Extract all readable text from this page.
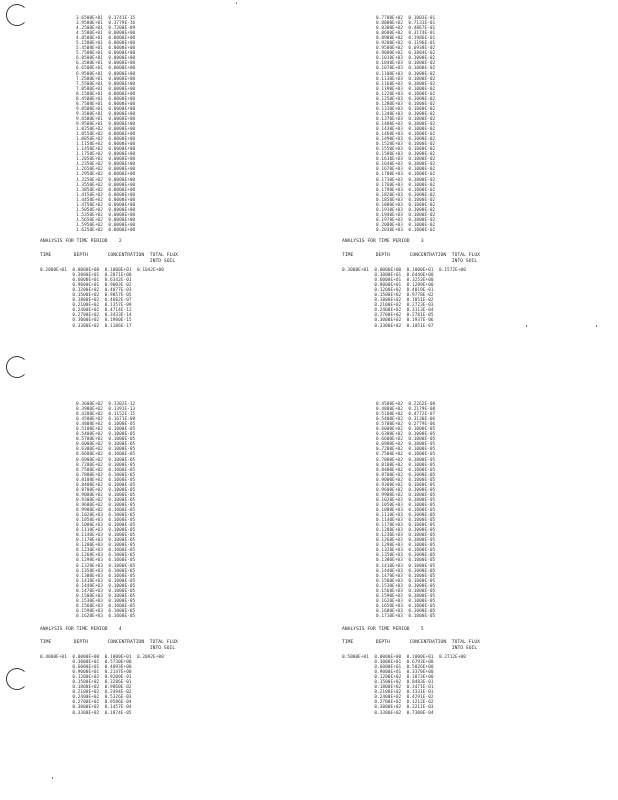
3.6500E+01  0.1741E-15
3.9500E+01  0.3779E-16
4.2500E+01  0.7200E-09
4.5500E+01  0.0000E+00
4.8500E+01  0.0000E+00
5.1500E+01  0.0000E+00
5.4500E+01  0.0000E+00
5.7500E+01  0.0000E+00
6.0500E+01  0.0000E+00
6.3500E+01  0.0000E+00
6.6500E+01  0.0000E+00
6.9500E+01  0.0000E+00
7.2500E+01  0.0000E+00
7.5500E+01  0.0000E+00
7.8500E+01  0.0000E+00
8.1500E+01  0.0000E+00
8.4500E+01  0.0000E+00
8.7500E+01  0.0000E+00
9.0500E+01  0.0000E+00
9.3500E+01  0.0000E+00
9.6500E+01  0.0000E+00
9.9500E+01  0.0000E+00
1.0250E+02  0.0000E+00
1.0550E+02  0.0000E+00
1.0850E+02  0.0000E+00
1.1150E+02  0.0000E+00
1.1450E+02  0.0000E+00
1.1750E+02  0.0000E+00
1.2050E+02  0.0000E+00
1.2350E+02  0.0000E+00
1.2650E+02  0.0000E+00
1.2950E+02  0.0000E+00
1.3250E+02  0.0000E+00
1.3550E+02  0.0000E+00
1.3850E+02  0.0000E+00
1.4150E+02  0.0000E+00
1.4450E+02  0.0000E+00
1.4750E+02  0.0000E+00
1.5050E+02  0.0000E+00
1.5350E+02  0.0000E+00
1.5650E+02  0.0000E+00
1.5950E+02  0.0000E+00
1.6250E+02  0.0000E+00
ANALYSIS FOR TIME PERIOD    2
TIME        DEPTH       CONCENTRATION  TOTAL FLUX
INTO SOIL
0.2000E+01  0.0000E+00  0.1000E+01  0.1042E+00
0.3000E+01  0.2871E+00
0.6000E+01  0.6342E-01
0.9000E+01  0.9003E-02
0.1200E+02  0.4077E-03
0.1500E+02  0.9857E-05
0.1800E+02  0.4602E-07
0.2100E+02  0.1357E-09
0.2400E+02  0.4714E-12
0.2700E+02  0.3433E-14
0.3000E+02  0.1900E-15
0.3300E+02  0.1186E-17
0.7700E+02  0.1003E-01
0.8000E+02  0.7131E-01
0.8300E+02  0.4867E-01
0.8600E+02  0.3174E-01
0.8900E+02  0.1986E-01
0.9200E+02  0.1196E-01
0.9500E+02  0.6938E-02
0.9800E+02  0.3884E-02
0.1010E+03  0.1000E-02
0.1040E+03  0.1000E-02
0.1070E+03  0.1000E-02
0.1100E+03  0.1000E-02
0.1130E+03  0.1000E-02
0.1160E+03  0.1000E-02
0.1190E+03  0.1000E-02
0.1220E+03  0.1000E-02
0.1250E+03  0.1000E-02
0.1280E+03  0.1000E-02
0.1310E+03  0.1000E-02
0.1340E+03  0.1000E-02
0.1370E+03  0.1000E-02
0.1400E+03  0.1000E-02
0.1430E+03  0.1000E-02
0.1460E+03  0.1000E-02
0.1490E+03  0.1000E-02
0.1520E+03  0.1000E-02
0.1550E+03  0.1000E-02
0.1580E+03  0.1000E-02
0.1610E+03  0.1000E-02
0.1640E+03  0.1000E-02
0.1670E+03  0.1000E-02
0.1700E+03  0.1000E-02
0.1730E+03  0.1000E-02
0.1760E+03  0.1000E-02
0.1790E+03  0.1000E-02
0.1820E+03  0.1000E-02
0.1850E+03  0.1000E-02
0.1880E+03  0.1000E-02
0.1910E+03  0.1000E-02
0.1940E+03  0.1000E-02
0.1970E+03  0.1000E-02
0.2000E+03  0.1000E-02
0.2030E+03  0.1000E-02
ANALYSIS FOR TIME PERIOD    3
TIME        DEPTH       CONCENTRATION  TOTAL FLUX
INTO SOIL
0.3000E+01  0.0000E+00  0.1000E+01  0.1572E+00
0.3000E+01  0.6440E+00
0.6000E+01  0.3253E+00
0.9000E+01  0.1289E+00
0.1200E+02  0.4019E-01
0.1500E+02  0.9778E-02
0.1800E+02  0.1851E-02
0.2100E+02  0.2723E-03
0.2400E+02  0.3113E-04
0.2700E+02  0.2781E-05
0.3000E+02  0.1937E-06
0.3300E+02  0.1051E-07
0.3600E+02  0.1302E-12
0.3900E+02  0.1391E-13
0.4200E+02  0.1152E-15
0.4500E+02  0.1671E-08
0.4800E+02  0.1000E-05
0.5100E+02  0.1000E-05
0.5400E+02  0.1000E-05
0.5700E+02  0.1000E-05
0.6000E+02  0.1000E-05
0.6300E+02  0.1000E-05
0.6600E+02  0.1000E-05
0.6900E+02  0.1000E-05
0.7200E+02  0.1000E-05
0.7500E+02  0.1000E-05
0.7800E+02  0.1000E-05
0.8100E+02  0.1000E-05
0.8400E+02  0.1000E-05
0.8700E+02  0.1000E-05
0.9000E+02  0.1000E-05
0.9300E+02  0.1000E-05
0.9600E+02  0.1000E-05
0.9900E+02  0.1000E-05
0.1020E+03  0.1000E-05
0.1050E+03  0.1000E-05
0.1080E+03  0.1000E-05
0.1110E+03  0.1000E-05
0.1140E+03  0.1000E-05
0.1170E+03  0.1000E-05
0.1200E+03  0.1000E-05
0.1230E+03  0.1000E-05
0.1260E+03  0.1000E-05
0.1290E+03  0.1000E-05
0.1320E+03  0.1000E-05
0.1350E+03  0.1000E-05
0.1380E+03  0.1000E-05
0.1410E+03  0.1000E-05
0.1440E+03  0.1000E-05
0.1470E+03  0.1000E-05
0.1500E+03  0.1000E-05
0.1530E+03  0.1000E-05
0.1560E+03  0.1000E-05
0.1590E+03  0.1000E-05
0.1620E+03  0.1000E-05
ANALYSIS FOR TIME PERIOD    4
TIME        DEPTH       CONCENTRATION  TOTAL FLUX
INTO SOIL
0.4000E+01  0.0000E+00  0.1000E+01  0.2092E+00
0.3000E+01  0.5730E+00
0.6000E+01  0.4093E+00
0.9000E+01  0.2147E+00
0.1200E+02  0.9200E-01
0.1500E+02  0.3286E-01
0.1800E+02  0.9860E-02
0.2100E+02  0.2494E-02
0.2400E+02  0.5326E-03
0.2700E+02  0.9586E-04
0.3000E+02  0.1457E-04
0.3300E+02  0.1874E-05
0.4500E+02  0.2262E-08
0.4800E+02  0.2179E-08
0.5100E+02  0.4772E-07
0.5400E+02  0.3130E-06
0.5700E+02  0.2779E-06
0.6000E+02  0.1000E-05
0.6300E+02  0.1000E-05
0.6600E+02  0.1000E-05
0.6900E+02  0.1000E-05
0.7200E+02  0.1000E-05
0.7500E+02  0.1000E-05
0.7800E+02  0.1000E-05
0.8100E+02  0.1000E-05
0.8400E+02  0.1000E-05
0.8700E+02  0.1000E-05
0.9000E+02  0.1000E-05
0.9300E+02  0.1000E-05
0.9600E+02  0.1000E-05
0.9900E+02  0.1000E-05
0.1020E+03  0.1000E-05
0.1050E+03  0.1000E-05
0.1080E+03  0.1000E-05
0.1110E+03  0.1000E-05
0.1140E+03  0.1000E-05
0.1170E+03  0.1000E-05
0.1200E+03  0.1000E-05
0.1230E+03  0.1000E-05
0.1260E+03  0.1000E-05
0.1290E+03  0.1000E-05
0.1320E+03  0.1000E-05
0.1350E+03  0.1000E-05
0.1380E+03  0.1000E-05
0.1410E+03  0.1000E-05
0.1440E+03  0.1000E-05
0.1470E+03  0.1000E-05
0.1500E+03  0.1000E-05
0.1530E+03  0.1000E-05
0.1560E+03  0.1000E-05
0.1590E+03  0.1000E-05
0.1620E+03  0.1000E-05
0.1650E+03  0.1000E-05
0.1680E+03  0.1000E-05
0.1710E+03  0.1000E-05
ANALYSIS FOR TIME PERIOD    5
TIME        DEPTH       CONCENTRATION  TOTAL FLUX
INTO SOIL
0.5000E+01  0.0000E+00  0.1000E+01  0.2712E+00
0.3000E+01  0.6793E+00
0.6000E+01  0.5026E+00
0.9000E+01  0.3370E+00
0.1200E+02  0.1873E+00
0.1500E+02  0.8483E-01
0.1800E+02  0.3471E-01
0.2100E+02  0.1331E-01
0.2400E+02  0.4291E-02
0.2700E+02  0.1212E-02
0.3000E+02  0.3211E-03
0.3300E+02  0.7300E-04
